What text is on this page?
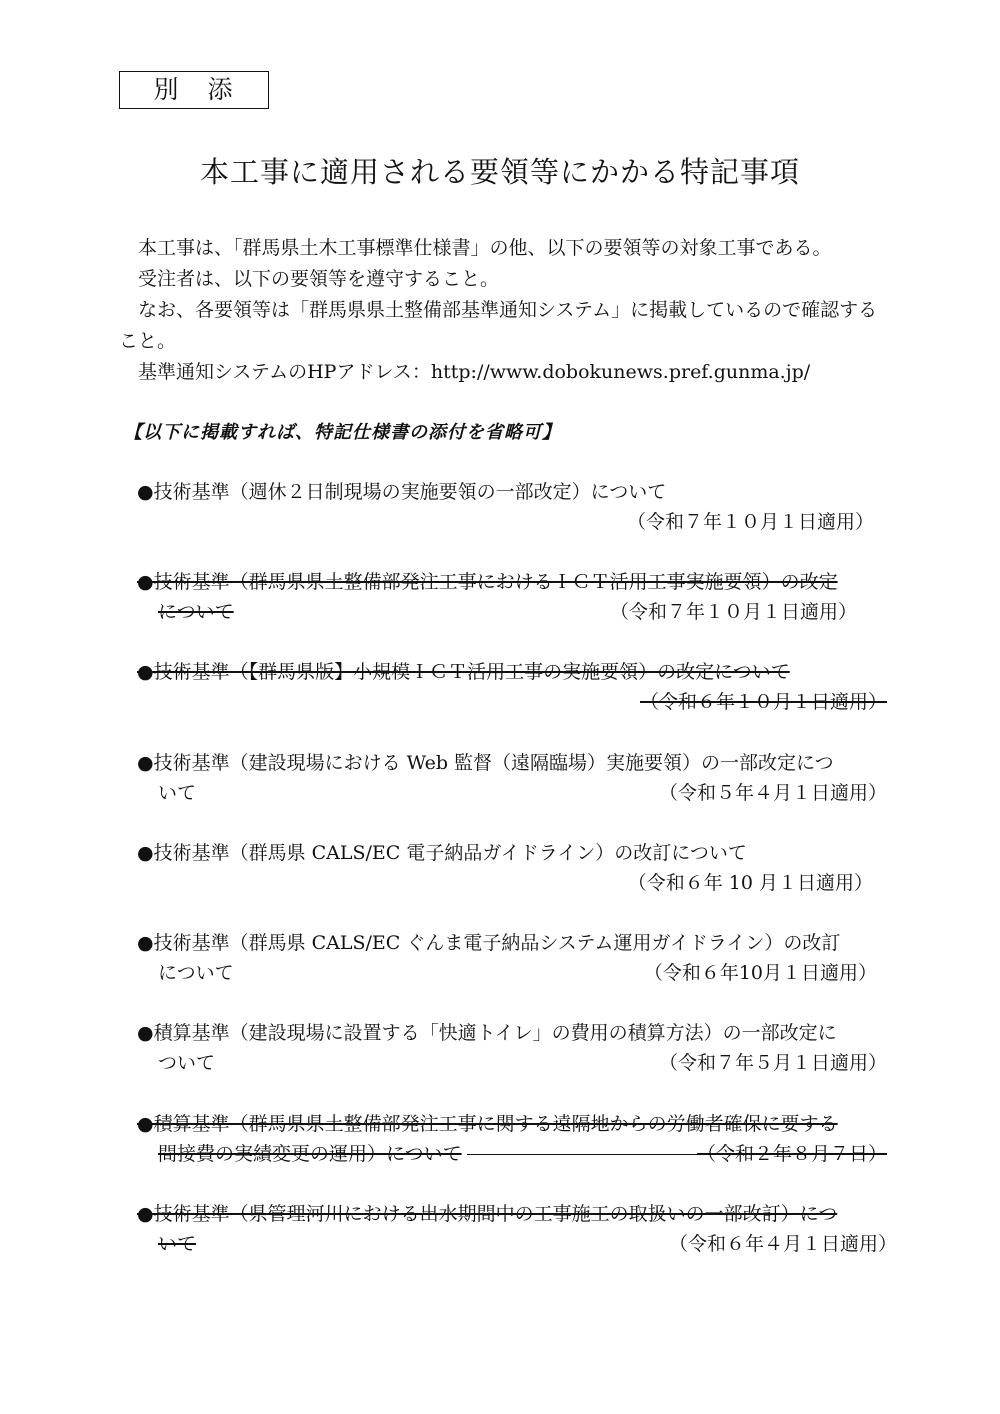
別　添
本工事に適用される要領等にかかる特記事項
本工事は、「群馬県土木工事標準仕様書」の他、以下の要領等の対象工事である。
受注者は、以下の要領等を遵守すること。
なお、各要領等は「群馬県県土整備部基準通知システム」に掲載しているので確認すること。
基準通知システムのHPアドレス：http://www.dobokunews.pref.gunma.jp/
【以下に掲載すれば、特記仕様書の添付を省略可】
●技術基準（週休２日制現場の実施要領の一部改定）について
（令和７年１０月１日適用）
●技術基準（群馬県県土整備部発注工事におけるＩＣＴ活用工事実施要領）の改定
について	（令和７年１０月１日適用）
●技術基準（【群馬県版】小規模ＩＣＴ活用工事の実施要領）の改定について
（令和６年１０月１日適用）
●技術基準（建設現場における Web 監督（遠隔臨場）実施要領）の一部改定につ
いて	（令和５年４月１日適用）
●技術基準（群馬県 CALS/EC 電子納品ガイドライン）の改訂について
（令和６年 10 月１日適用）
●技術基準（群馬県 CALS/EC ぐんま電子納品システム運用ガイドライン）の改訂
について	（令和６年10月１日適用）
●積算基準（建設現場に設置する「快適トイレ」の費用の積算方法）の一部改定に
ついて	（令和７年５月１日適用）
●積算基準（群馬県県土整備部発注工事に関する遠隔地からの労働者確保に要する
間接費の実績変更の運用）について	（令和２年８月７日）
●技術基準（県管理河川における出水期間中の工事施工の取扱いの一部改訂）につ
いて	（令和６年４月１日適用）
